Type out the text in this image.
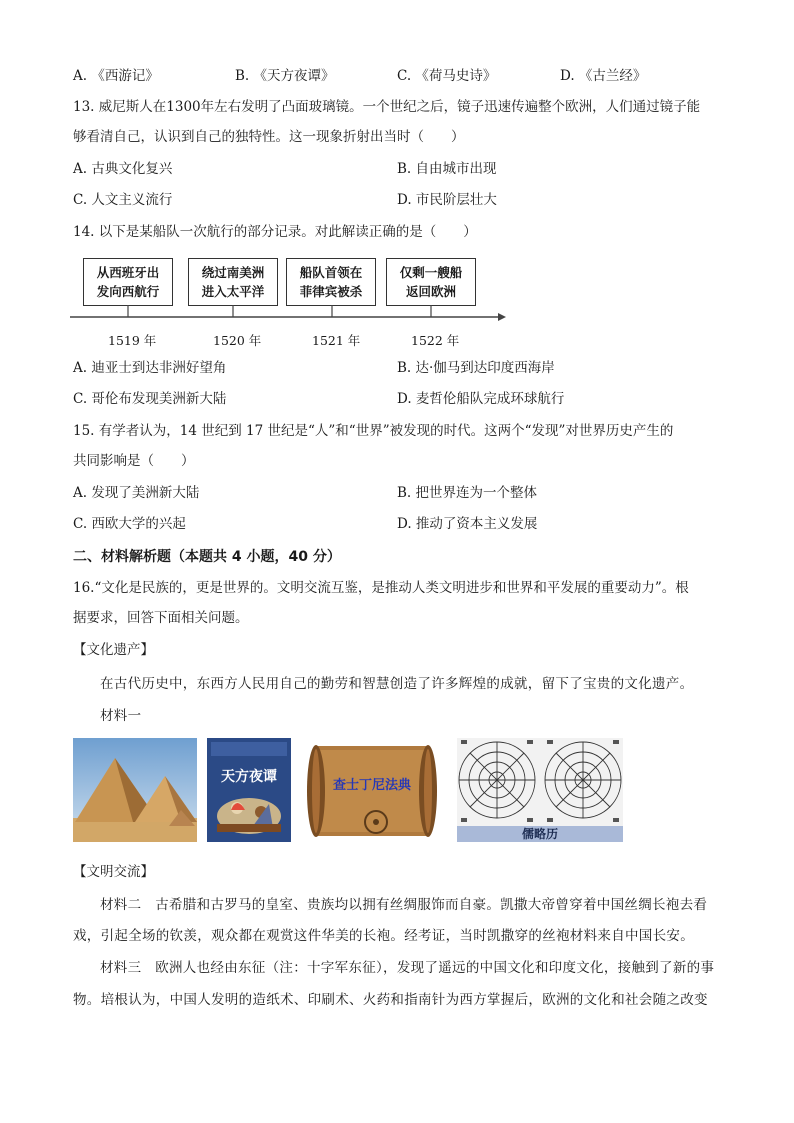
A. 《西游记》	B. 《天方夜谭》	C. 《荷马史诗》	D. 《古兰经》
13. 威尼斯人在1300年左右发明了凸面玻璃镜。一个世纪之后，镜子迅速传遍整个欧洲，人们通过镜子能
够看清自己，认识到自己的独特性。这一现象折射出当时（　　）
A. 古典文化复兴	B. 自由城市出现
C. 人文主义流行	D. 市民阶层壮大
14. 以下是某船队一次航行的部分记录。对此解读正确的是（　　）
从西班牙出
发向西航行
绕过南美洲
进入太平洋
船队首领在
菲律宾被杀
仅剩一艘船
返回欧洲
1519 年	1520 年	1521 年	1522 年
A. 迪亚士到达非洲好望角	B. 达·伽马到达印度西海岸
C. 哥伦布发现美洲新大陆	D. 麦哲伦船队完成环球航行
15. 有学者认为，14 世纪到 17 世纪是“人”和“世界”被发现的时代。这两个“发现”对世界历史产生的
共同影响是（　　）
A. 发现了美洲新大陆	B. 把世界连为一个整体
C. 西欧大学的兴起	D. 推动了资本主义发展
二、材料解析题（本题共 4 小题，40 分）
16.“文化是民族的，更是世界的。文明交流互鉴，是推动人类文明进步和世界和平发展的重要动力”。根
据要求，回答下面相关问题。
【文化遗产】
在古代历史中，东西方人民用自己的勤劳和智慧创造了许多辉煌的成就，留下了宝贵的文化遗产。
材料一
天方夜谭
查士丁尼法典
儒略历
【文明交流】
材料二　古希腊和古罗马的皇室、贵族均以拥有丝绸服饰而自豪。凯撒大帝曾穿着中国丝绸长袍去看
戏，引起全场的钦羡，观众都在观赏这件华美的长袍。经考证，当时凯撒穿的丝袍材料来自中国长安。
材料三　欧洲人也经由东征（注：十字军东征），发现了遥远的中国文化和印度文化，接触到了新的事
物。培根认为，中国人发明的造纸术、印刷术、火药和指南针为西方掌握后，欧洲的文化和社会随之改变
